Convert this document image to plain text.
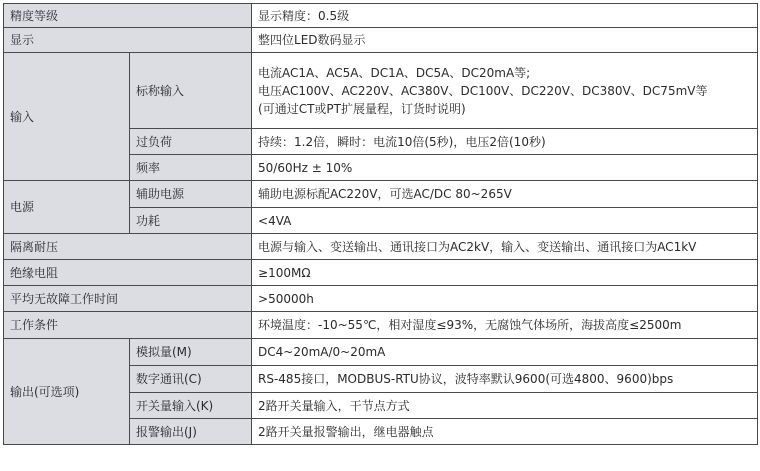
精度等级		显示精度：0.5级
显示		整四位LED数码显示
输入	标称输入	电流AC1A、AC5A、DC1A、DC5A、DC20mA等;
电压AC100V、AC220V、AC380V、DC100V、DC220V、DC380V、DC75mV等
(可通过CT或PT扩展量程，订货时说明)

	过负荷	持续：1.2倍，瞬时：电流10倍(5秒)，电压2倍(10秒)
	频率	50/60Hz ± 10%
电源	辅助电源	辅助电源标配AC220V，可选AC/DC 80~265V
	功耗	<4VA
隔离耐压		电源与输入、变送输出、通讯接口为AC2kV，输入、变送输出、通讯接口为AC1kV
绝缘电阻		≥100MΩ
平均无故障工作时间		>50000h
工作条件		环境温度：-10~55℃，相对湿度≤93%，无腐蚀气体场所，海拔高度≤2500m
输出(可选项)	模拟量(M)	DC4~20mA/0~20mA
	数字通讯(C)	RS-485接口，MODBUS-RTU协议，波特率默认9600(可选4800、9600)bps
	开关量输入(K)	2路开关量输入，干节点方式
	报警输出(J)	2路开关量报警输出，继电器触点
